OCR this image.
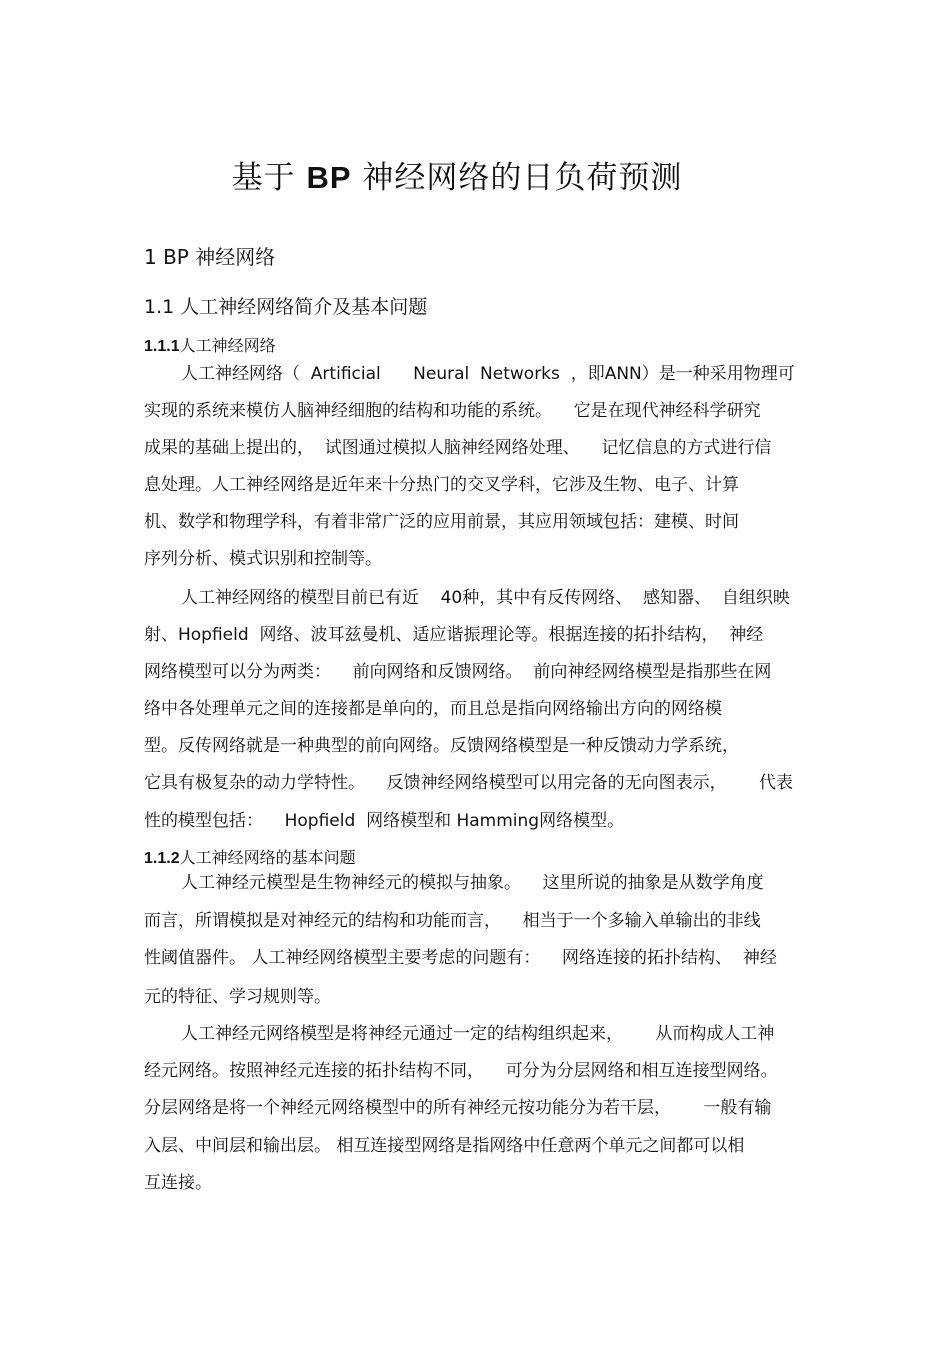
基于 BP 神经网络的日负荷预测
1 BP 神经网络
1.1 人工神经网络简介及基本问题
1.1.1人工神经网络
人工神经网络（  Artificial      Neural  Networks  ，即ANN）是一种采用物理可
实现的系统来模仿人脑神经细胞的结构和功能的系统。    它是在现代神经科学研究
成果的基础上提出的，  试图通过模拟人脑神经网络处理、    记忆信息的方式进行信
息处理。人工神经网络是近年来十分热门的交叉学科，它涉及生物、电子、计算
机、数学和物理学科，有着非常广泛的应用前景，其应用领域包括：建模、时间
序列分析、模式识别和控制等。
人工神经网络的模型目前已有近    40种，其中有反传网络、  感知器、  自组织映
射、Hopfield  网络、波耳兹曼机、适应谐振理论等。根据连接的拓扑结构，  神经
网络模型可以分为两类：    前向网络和反馈网络。  前向神经网络模型是指那些在网
络中各处理单元之间的连接都是单向的，而且总是指向网络输出方向的网络模
型。反传网络就是一种典型的前向网络。反馈网络模型是一种反馈动力学系统，
它具有极复杂的动力学特性。    反馈神经网络模型可以用完备的无向图表示，      代表
性的模型包括：    Hopfield  网络模型和 Hamming网络模型。
1.1.2人工神经网络的基本问题
人工神经元模型是生物神经元的模拟与抽象。    这里所说的抽象是从数学角度
而言，所谓模拟是对神经元的结构和功能而言，    相当于一个多输入单输出的非线
性阈值器件。 人工神经网络模型主要考虑的问题有：    网络连接的拓扑结构、  神经
元的特征、学习规则等。
人工神经元网络模型是将神经元通过一定的结构组织起来，      从而构成人工神
经元网络。按照神经元连接的拓扑结构不同，    可分为分层网络和相互连接型网络。
分层网络是将一个神经元网络模型中的所有神经元按功能分为若干层，      一般有输
入层、中间层和输出层。 相互连接型网络是指网络中任意两个单元之间都可以相
互连接。
